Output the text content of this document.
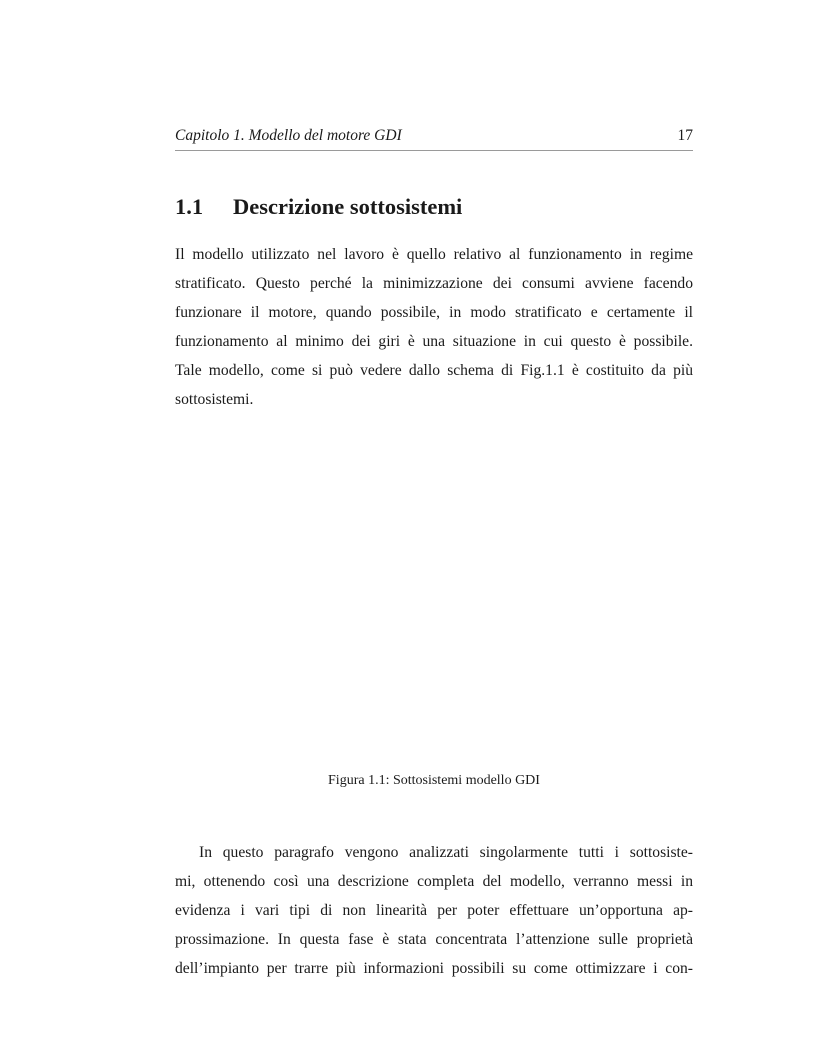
Capitolo 1. Modello del motore GDI	17
1.1 Descrizione sottosistemi
Il modello utilizzato nel lavoro è quello relativo al funzionamento in regime
stratificato. Questo perché la minimizzazione dei consumi avviene facendo
funzionare il motore, quando possibile, in modo stratificato e certamente il
funzionamento al minimo dei giri è una situazione in cui questo è possibile.
Tale modello, come si può vedere dallo schema di Fig.1.1 è costituito da più
sottosistemi.
Figura 1.1: Sottosistemi modello GDI
In questo paragrafo vengono analizzati singolarmente tutti i sottosiste-
mi, ottenendo così una descrizione completa del modello, verranno messi in
evidenza i vari tipi di non linearità per poter effettuare un’opportuna ap-
prossimazione. In questa fase è stata concentrata l’attenzione sulle proprietà
dell’impianto per trarre più informazioni possibili su come ottimizzare i con-
